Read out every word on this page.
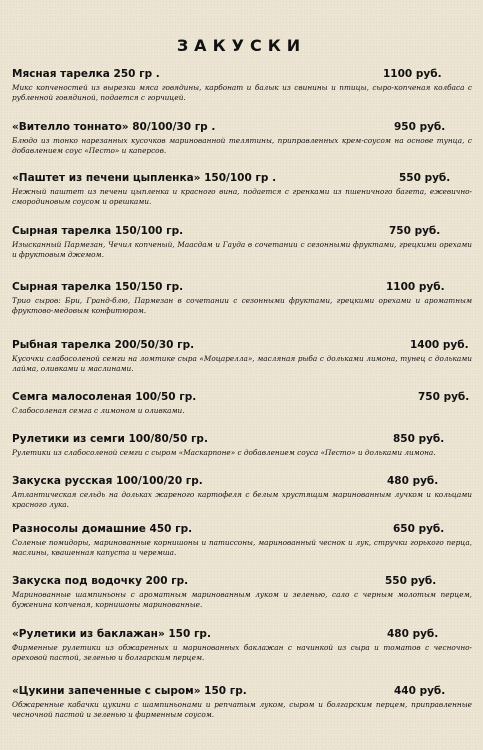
ЗАКУСКИ
Мясная тарелка 250 гр .	1100 руб.
Микс копченостей из вырезки мяса говядины, карбонат и балык из свинины и птицы, сыро-копченая колбаса с рубленной говядиной, подается с горчицей.
«Вителло тоннато» 80/100/30 гр .	950 руб.
Блюдо из тонко нарезанных кусочков маринованной телятины, приправленных крем-соусом на основе тунца, с добавлением соус «Песто» и каперсов.
«Паштет из печени цыпленка» 150/100 гр .	550 руб.
Нежный паштет из печени цыпленка и красного вина, подается с гренками из пшеничного багета, ежевично-смородиновым соусом и орешками.
Сырная тарелка 150/100 гр.	750 руб.
Изысканный Пармезан, Чечил копченый, Маасдам и Гауда в сочетании с сезонными фруктами, грецкими орехами и фруктовым джемом.
Сырная тарелка 150/150 гр.	1100 руб.
Трио сыров: Бри, Гранд-блю, Пармезан в сочетании с сезонными фруктами, грецкими орехами и ароматным фруктово-медовым конфитюром.
Рыбная тарелка 200/50/30 гр.	1400 руб.
Кусочки слабосоленой семги на ломтике сыра «Моцарелла», масляная рыба с дольками лимона, тунец с дольками лайма, оливками и маслинами.
Семга малосоленая 100/50 гр.	750 руб.
Слабосоленая семга с лимоном и оливками.
Рулетики из семги 100/80/50 гр.	850 руб.
Рулетики из слабосоленой семги с сыром «Маскарпоне» с добавлением соуса «Песто» и дольками лимона.
Закуска русская 100/100/20 гр.	480 руб.
Атлантическая сельдь на дольках жареного картофеля с белым хрустящим маринованным лучком и кольцами красного лука.
Разносолы домашние 450 гр.	650 руб.
Соленые помидоры, маринованные корнишоны и патиссоны, маринованный чеснок и лук, стручки горького перца, маслины, квашенная капуста и черемша.
Закуска под водочку 200 гр.	550 руб.
Маринованные шампиньоны с ароматным маринованным луком и зеленью, сало с черным молотым перцем, буженина копченая, корнишоны маринованные.
«Рулетики из баклажан» 150 гр.	480 руб.
Фирменные рулетики из обжаренных и маринованных баклажан с начинкой из сыра и томатов с чесночно-ореховой пастой, зеленью и болгарским перцем.
«Цукини запеченные с сыром» 150 гр.	440 руб.
Обжаренные кабачки цукини с шампиньонами и репчатым луком, сыром и болгарским перцем, приправленные чесночной пастой и зеленью и фирменным соусом.
